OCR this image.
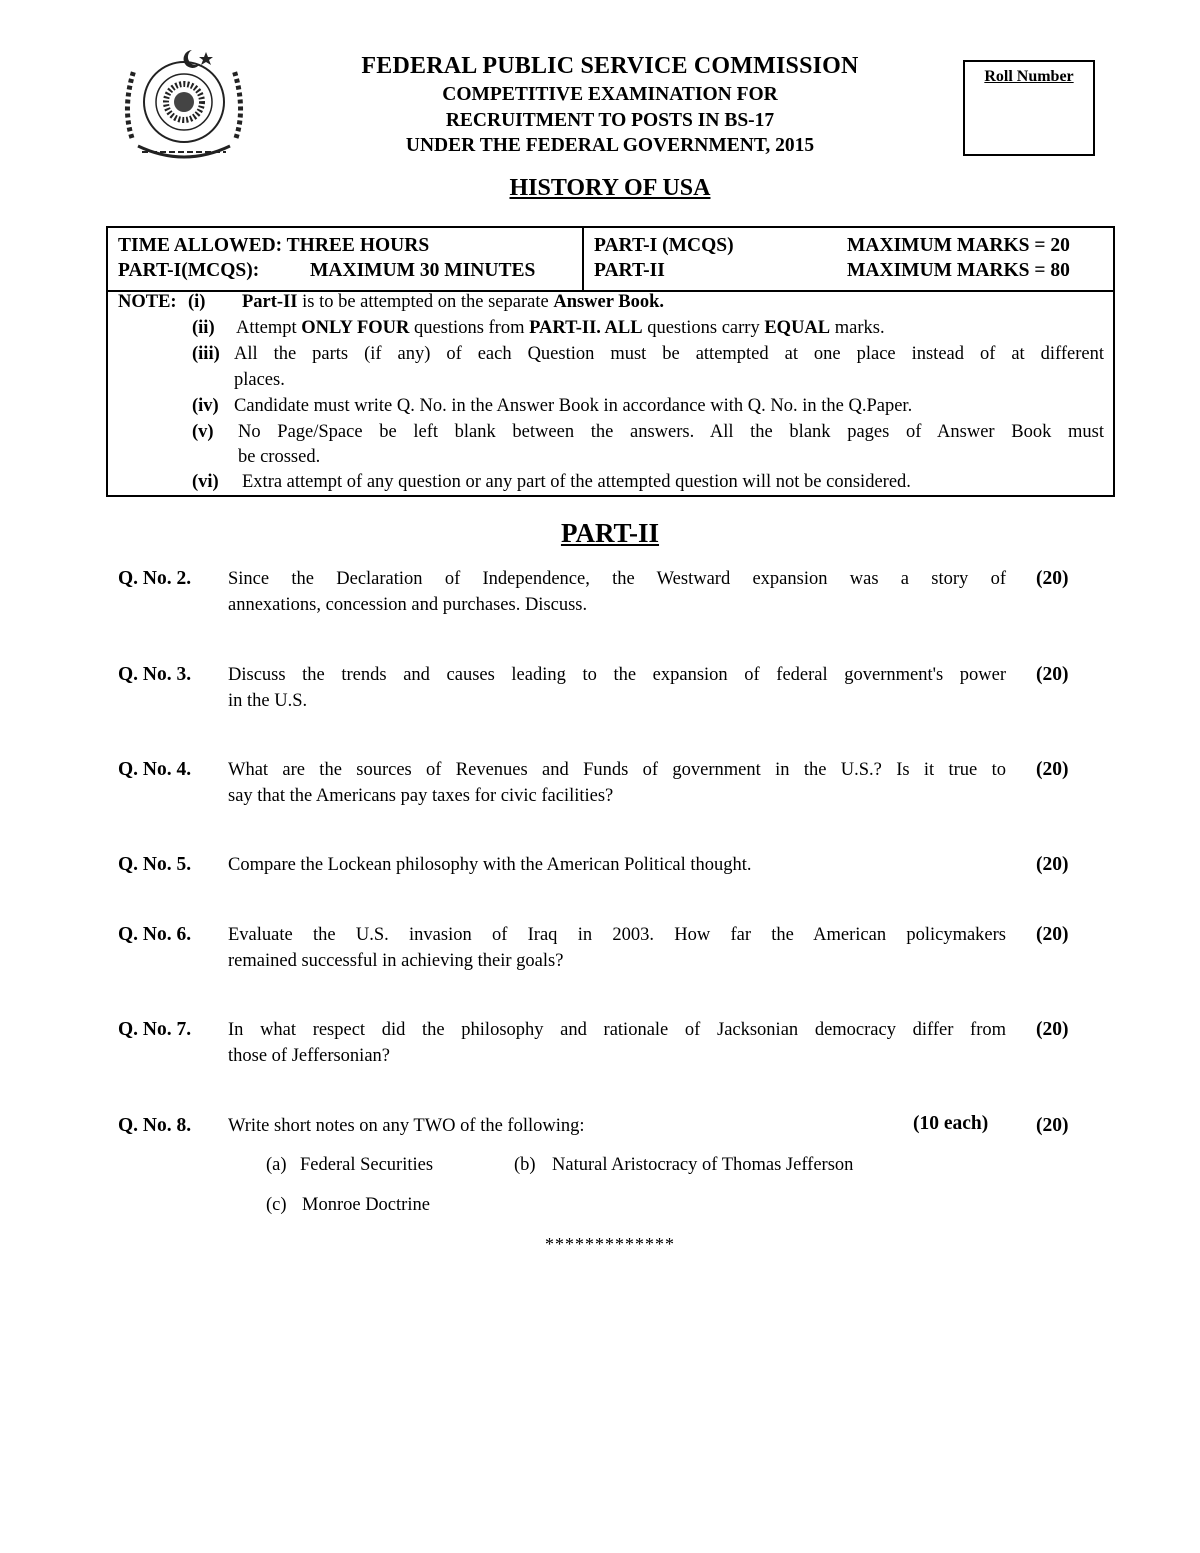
FEDERAL PUBLIC SERVICE COMMISSION
COMPETITIVE EXAMINATION FOR
RECRUITMENT TO POSTS IN BS-17
UNDER THE FEDERAL GOVERNMENT, 2015
Roll Number
HISTORY OF USA
TIME ALLOWED: THREE HOURS
PART-I(MCQS):	MAXIMUM 30 MINUTES
PART-I (MCQS)	MAXIMUM MARKS = 20
PART-II	MAXIMUM MARKS = 80
NOTE: (i) Part-II is to be attempted on the separate Answer Book.
(ii) Attempt ONLY FOUR questions from PART-II. ALL questions carry EQUAL marks.
(iii) All the parts (if any) of each Question must be attempted at one place instead of at different
places.
(iv) Candidate must write Q. No. in the Answer Book in accordance with Q. No. in the Q.Paper.
(v) No Page/Space be left blank between the answers. All the blank pages of Answer Book must
be crossed.
(vi) Extra attempt of any question or any part of the attempted question will not be considered.
PART-II
Q. No. 2. Since the Declaration of Independence, the Westward expansion was a story of
annexations, concession and purchases. Discuss.
(20)
Q. No. 3. Discuss the trends and causes leading to the expansion of federal government's power
in the U.S.
(20)
Q. No. 4. What are the sources of Revenues and Funds of government in the U.S.? Is it true to
say that the Americans pay taxes for civic facilities?
(20)
Q. No. 5. Compare the Lockean philosophy with the American Political thought.	(20)
Q. No. 6. Evaluate the U.S. invasion of Iraq in 2003. How far the American policymakers
remained successful in achieving their goals?
(20)
Q. No. 7. In what respect did the philosophy and rationale of Jacksonian democracy differ from
those of Jeffersonian?
(20)
Q. No. 8. Write short notes on any TWO of the following:	(10 each) (20)
(a) Federal Securities	(b) Natural Aristocracy of Thomas Jefferson
(c) Monroe Doctrine
*************
